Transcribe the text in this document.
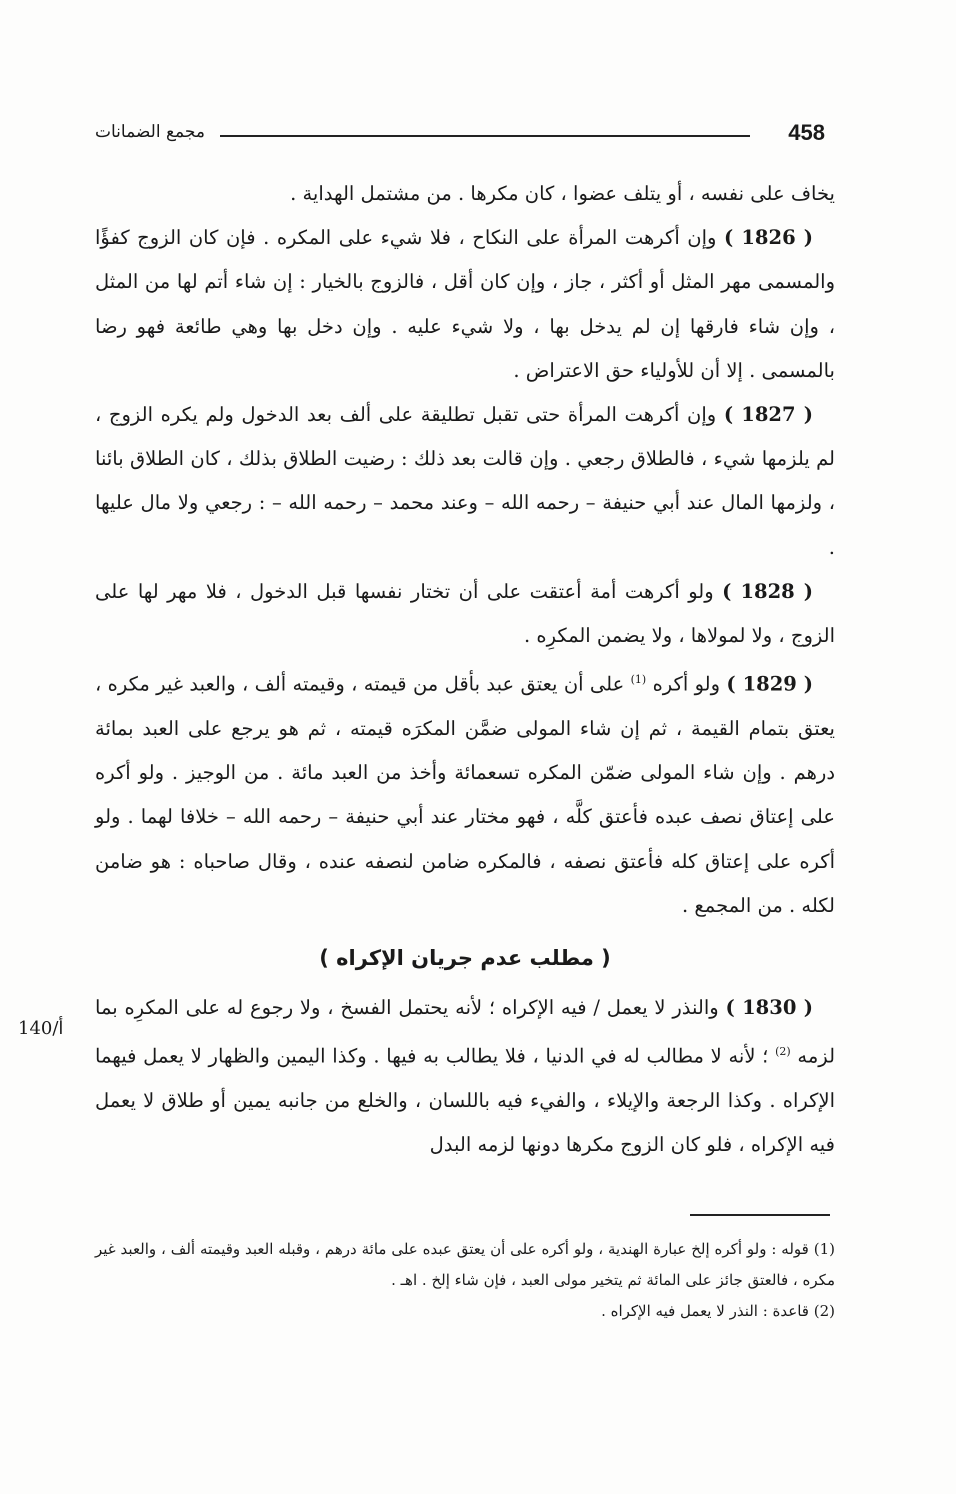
458
مجمع الضمانات

يخاف على نفسه ، أو يتلف عضوا ، كان مكرها . من مشتمل الهداية .

( 1826 ) وإن أكرهت المرأة على النكاح ، فلا شيء على المكره . فإن كان الزوج كفؤًا والمسمى مهر المثل أو أكثر ، جاز ، وإن كان أقل ، فالزوج بالخيار : إن شاء أتم لها من المثل ، وإن شاء فارقها إن لم يدخل بها ، ولا شيء عليه . وإن دخل بها وهي طائعة فهو رضا بالمسمى . إلا أن للأولياء حق الاعتراض .

( 1827 ) وإن أكرهت المرأة حتى تقبل تطليقة على ألف بعد الدخول ولم يكره الزوج ، لم يلزمها شيء ، فالطلاق رجعي . وإن قالت بعد ذلك : رضيت الطلاق بذلك ، كان الطلاق بائنا ، ولزمها المال عند أبي حنيفة – رحمه الله – وعند محمد – رحمه الله – : رجعي ولا مال عليها .

( 1828 ) ولو أكرهت أمة أعتقت على أن تختار نفسها قبل الدخول ، فلا مهر لها على الزوج ، ولا لمولاها ، ولا يضمن المكرِه .

( 1829 ) ولو أكره $^{(1)}$ على أن يعتق عبد بأقل من قيمته ، وقيمته ألف ، والعبد غير مكره ، يعتق بتمام القيمة ، ثم إن شاء المولى ضمَّن المكرَه قيمته ، ثم هو يرجع على العبد بمائة درهم . وإن شاء المولى ضمّن المكره تسعمائة وأخذ من العبد مائة . من الوجيز . ولو أكره على إعتاق نصف عبده فأعتق كلَّه ، فهو مختار عند أبي حنيفة – رحمه الله – خلافا لهما . ولو أكره على إعتاق كله فأعتق نصفه ، فالمكره ضامن لنصفه عنده ، وقال صاحباه : هو ضامن لكله . من المجمع .

( مطلب عدم جريان الإكراه )

( 1830 ) والنذر لا يعمل / فيه الإكراه ؛ لأنه يحتمل الفسخ ، ولا رجوع له على المكرِه بما لزمه $^{(2)}$ ؛ لأنه لا مطالب له في الدنيا ، فلا يطالب به فيها . وكذا اليمين والظهار لا يعمل فيهما الإكراه . وكذا الرجعة والإيلاء ، والفيء فيه باللسان ، والخلع من جانبه يمين أو طلاق لا يعمل فيه الإكراه ، فلو كان الزوج مكرها دونها لزمه البدل

140/أ

(1) قوله : ولو أكره إلخ عبارة الهندية ، ولو أكره على أن يعتق عبده على مائة درهم ، وقبله العبد وقيمته ألف ، والعبد غير مكره ، فالعتق جائز على المائة ثم يتخير مولى العبد ، فإن شاء إلخ . اهـ .

(2) قاعدة : النذر لا يعمل فيه الإكراه .
